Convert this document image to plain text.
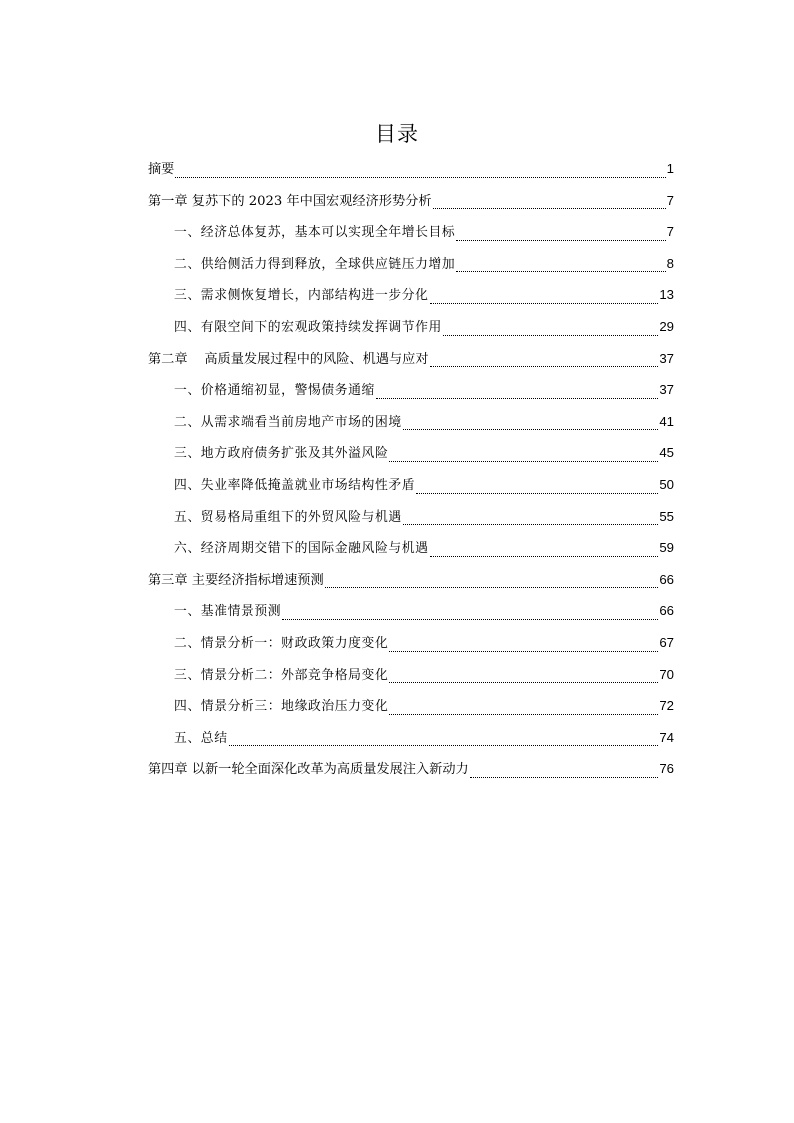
目录
摘要	1
第一章 复苏下的 2023 年中国宏观经济形势分析	7
一、经济总体复苏，基本可以实现全年增长目标	7
二、供给侧活力得到释放，全球供应链压力增加	8
三、需求侧恢复增长，内部结构进一步分化	13
四、有限空间下的宏观政策持续发挥调节作用	29
第二章    高质量发展过程中的风险、机遇与应对	37
一、价格通缩初显，警惕债务通缩	37
二、从需求端看当前房地产市场的困境	41
三、地方政府债务扩张及其外溢风险	45
四、失业率降低掩盖就业市场结构性矛盾	50
五、贸易格局重组下的外贸风险与机遇	55
六、经济周期交错下的国际金融风险与机遇	59
第三章 主要经济指标增速预测	66
一、基准情景预测	66
二、情景分析一：财政政策力度变化	67
三、情景分析二：外部竞争格局变化	70
四、情景分析三：地缘政治压力变化	72
五、总结	74
第四章 以新一轮全面深化改革为高质量发展注入新动力	76
